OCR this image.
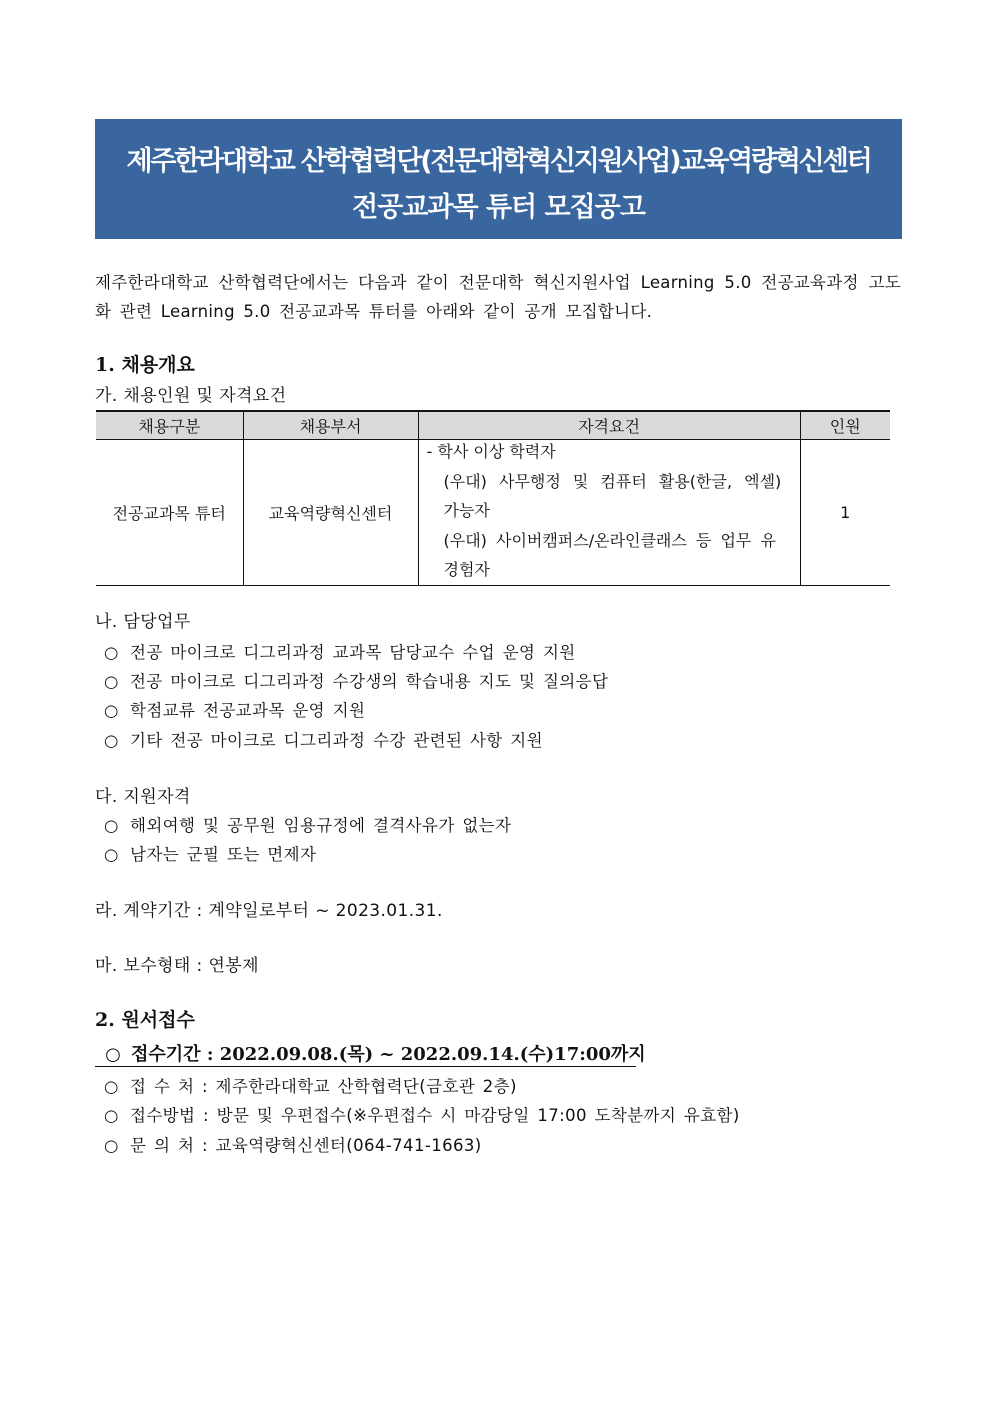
제주한라대학교 산학협력단(전문대학혁신지원사업)교육역량혁신센터
전공교과목 튜터 모집공고
제주한라대학교 산학협력단에서는 다음과 같이 전문대학 혁신지원사업 Learning 5.0 전공교육과정 고도화 관련 Learning 5.0 전공교과목 튜터를 아래와 같이 공개 모집합니다.
1. 채용개요
가. 채용인원 및 자격요건
채용구분	채용부서	자격요건	인원
전공교과목 튜터	교육역량혁신센터	- 학사 이상 학력자
(우대) 사무행정 및 컴퓨터 활용(한글, 엑셀)
가능자
(우대) 사이버캠퍼스/온라인클래스 등 업무 유
경험자	1
나. 담당업무
○ 전공 마이크로 디그리과정 교과목 담당교수 수업 운영 지원
○ 전공 마이크로 디그리과정 수강생의 학습내용 지도 및 질의응답
○ 학점교류 전공교과목 운영 지원
○ 기타 전공 마이크로 디그리과정 수강 관련된 사항 지원
다. 지원자격
○ 해외여행 및 공무원 임용규정에 결격사유가 없는자
○ 남자는 군필 또는 면제자
라. 계약기간 : 계약일로부터 ~ 2023.01.31.
마. 보수형태 : 연봉제
2. 원서접수
○ 접수기간 : 2022.09.08.(목) ~ 2022.09.14.(수)17:00까지
○ 접 수 처 : 제주한라대학교 산학협력단(금호관 2층)
○ 접수방법 : 방문 및 우편접수(※우편접수 시 마감당일 17:00 도착분까지 유효함)
○ 문 의 처 : 교육역량혁신센터(064-741-1663)
